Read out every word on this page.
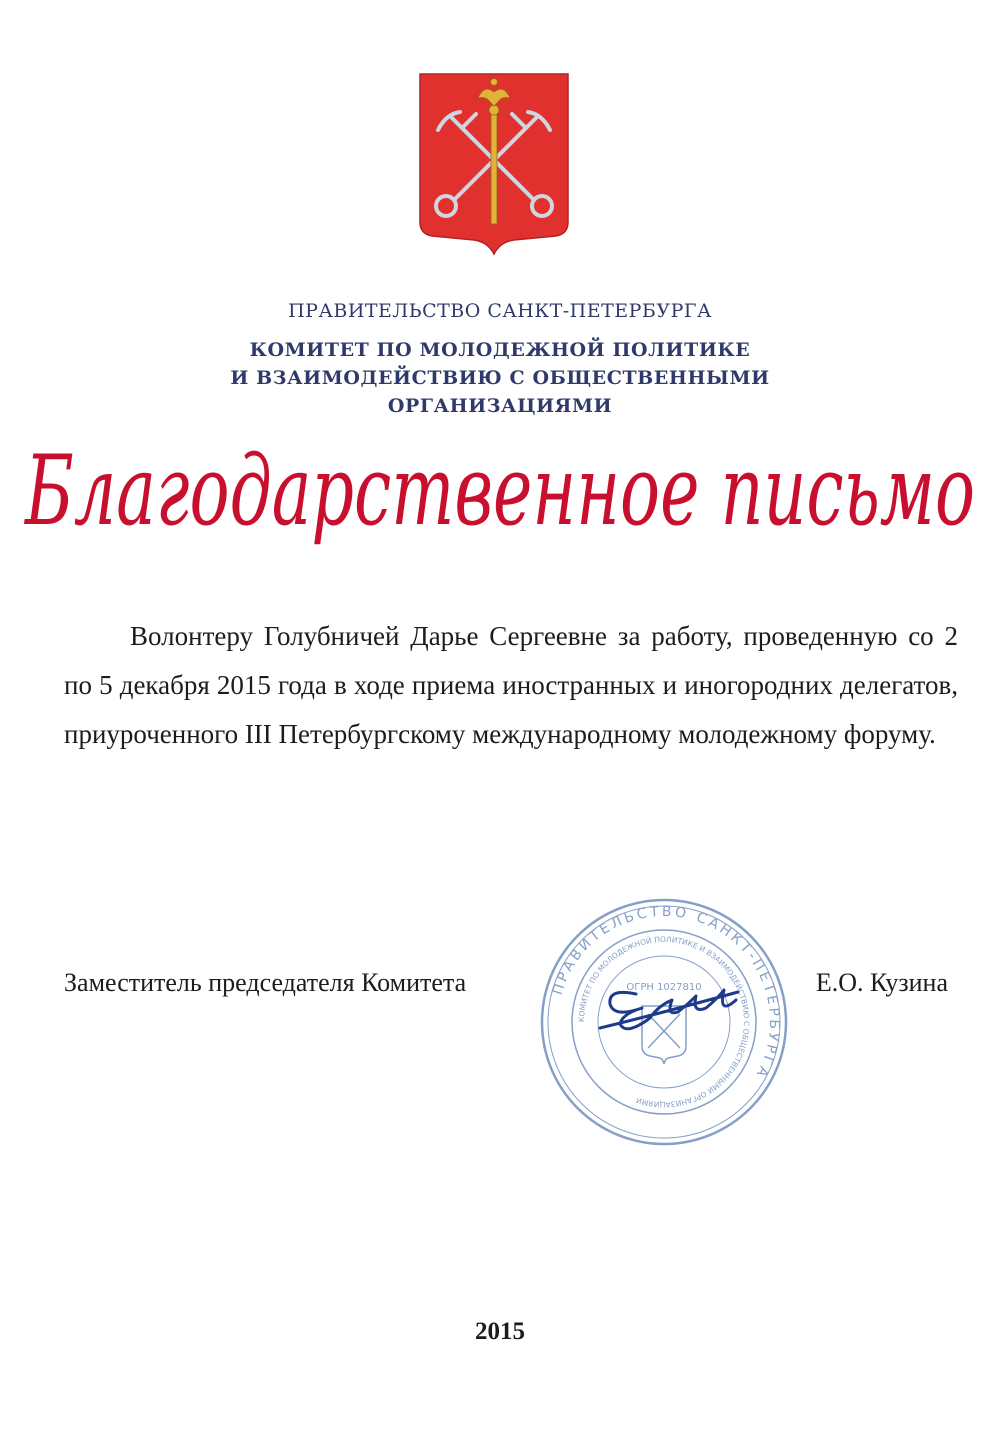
ПРАВИТЕЛЬСТВО САНКТ-ПЕТЕРБУРГА
КОМИТЕТ ПО МОЛОДЕЖНОЙ ПОЛИТИКЕ
И ВЗАИМОДЕЙСТВИЮ С ОБЩЕСТВЕННЫМИ
ОРГАНИЗАЦИЯМИ
Благодарственное письмо
Волонтеру Голубничей Дарье Сергеевне за работу, проведенную со 2 по 5 декабря 2015 года в ходе приема иностранных и иногородних делегатов, приуроченного III Петербургскому международному молодежному форуму.
ПРАВИТЕЛЬСТВО САНКТ-ПЕТЕРБУРГА
КОМИТЕТ ПО МОЛОДЕЖНОЙ ПОЛИТИКЕ И ВЗАИМОДЕЙСТВИЮ С ОБЩЕСТВЕННЫМИ ОРГАНИЗАЦИЯМИ
ОГРН 1027810
Заместитель председателя Комитета	Е.О. Кузина
2015
